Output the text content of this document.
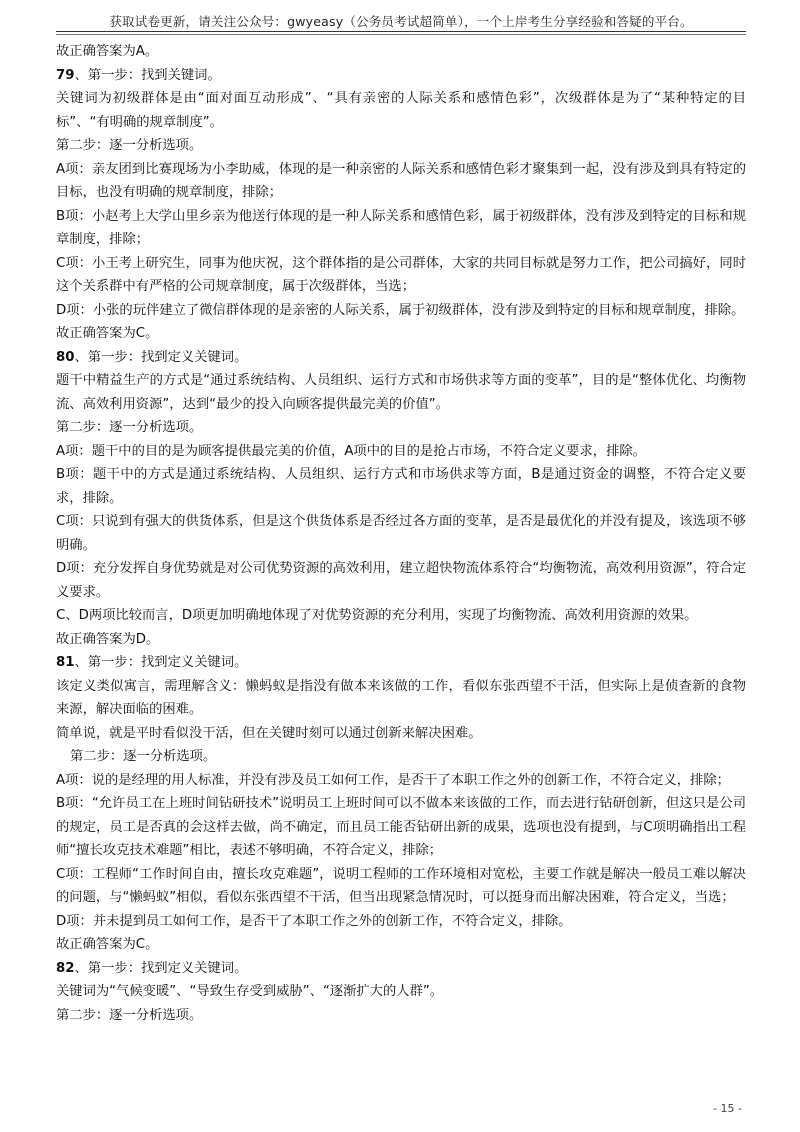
获取试卷更新，请关注公众号：gwyeasy（公务员考试超简单），一个上岸考生分享经验和答疑的平台。

故正确答案为A。

79、第一步：找到关键词。

关键词为初级群体是由“面对面互动形成”、“具有亲密的人际关系和感情色彩”，次级群体是为了“某种特定的目标”、“有明确的规章制度”。

第二步：逐一分析选项。

A项：亲友团到比赛现场为小李助威，体现的是一种亲密的人际关系和感情色彩才聚集到一起，没有涉及到具有特定的目标，也没有明确的规章制度，排除；

B项：小赵考上大学山里乡亲为他送行体现的是一种人际关系和感情色彩，属于初级群体，没有涉及到特定的目标和规章制度，排除；

C项：小王考上研究生，同事为他庆祝，这个群体指的是公司群体，大家的共同目标就是努力工作，把公司搞好，同时这个关系群中有严格的公司规章制度，属于次级群体，当选；

D项：小张的玩伴建立了微信群体现的是亲密的人际关系，属于初级群体，没有涉及到特定的目标和规章制度，排除。

故正确答案为C。

80、第一步：找到定义关键词。

题干中精益生产的方式是“通过系统结构、人员组织、运行方式和市场供求等方面的变革”，目的是“整体优化、均衡物流、高效利用资源”，达到“最少的投入向顾客提供最完美的价值”。

第二步：逐一分析选项。

A项：题干中的目的是为顾客提供最完美的价值，A项中的目的是抢占市场，不符合定义要求，排除。

B项：题干中的方式是通过系统结构、人员组织、运行方式和市场供求等方面，B是通过资金的调整，不符合定义要求，排除。

C项：只说到有强大的供货体系，但是这个供货体系是否经过各方面的变革，是否是最优化的并没有提及，该选项不够明确。

D项：充分发挥自身优势就是对公司优势资源的高效利用，建立超快物流体系符合“均衡物流，高效利用资源”，符合定义要求。

C、D两项比较而言，D项更加明确地体现了对优势资源的充分利用，实现了均衡物流、高效利用资源的效果。

故正确答案为D。

81、第一步：找到定义关键词。

该定义类似寓言，需理解含义：懒蚂蚁是指没有做本来该做的工作，看似东张西望不干活，但实际上是侦查新的食物来源，解决面临的困难。

简单说，就是平时看似没干活，但在关键时刻可以通过创新来解决困难。

第二步：逐一分析选项。

A项：说的是经理的用人标准，并没有涉及员工如何工作，是否干了本职工作之外的创新工作，不符合定义，排除；

B项：“允许员工在上班时间钻研技术”说明员工上班时间可以不做本来该做的工作，而去进行钻研创新，但这只是公司的规定，员工是否真的会这样去做，尚不确定，而且员工能否钻研出新的成果，选项也没有提到，与C项明确指出工程师“擅长攻克技术难题”相比，表述不够明确，不符合定义，排除；

C项：工程师“工作时间自由，擅长攻克难题”，说明工程师的工作环境相对宽松，主要工作就是解决一般员工难以解决的问题，与“懒蚂蚁”相似，看似东张西望不干活，但当出现紧急情况时，可以挺身而出解决困难，符合定义，当选；

D项：并未提到员工如何工作，是否干了本职工作之外的创新工作，不符合定义，排除。

故正确答案为C。

82、第一步：找到定义关键词。

关键词为“气候变暖”、“导致生存受到威胁”、“逐渐扩大的人群”。

第二步：逐一分析选项。

- 15 -
